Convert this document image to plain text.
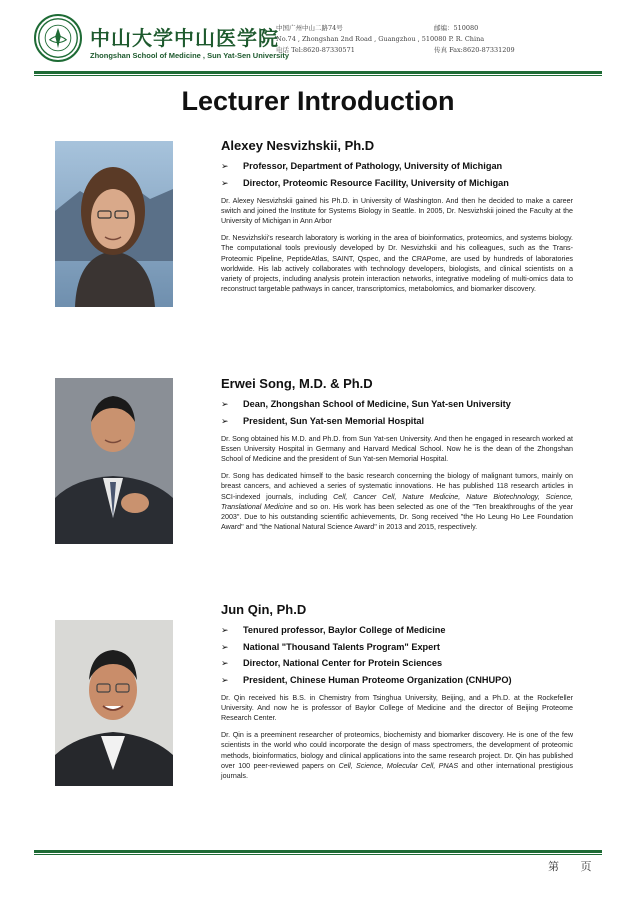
中山大学中山医学院
Zhongshan School of Medicine , Sun Yat-Sen University
中国广州中山二路74号
No.74 , Zhongshan 2nd Road , Guangzhou , 510080 P. R. China
电话 Tel:8620-87330571
邮编：510080
传真 Fax:8620-87331209
Lecturer Introduction
Alexey Nesvizhskii, Ph.D
➢	Professor, Department of Pathology, University of Michigan
➢	Director, Proteomic Resource Facility, University of Michigan

Dr. Alexey Nesvizhskii gained his Ph.D. in University of Washington. And then he decided to make a career switch and joined the Institute for Systems Biology in Seattle. In 2005, Dr. Nesvizhskii joined the Faculty at the University of Michigan in Ann Arbor

Dr. Nesvizhskii's research laboratory is working in the area of bioinformatics, proteomics, and systems biology. The computational tools previously developed by Dr. Nesvizhskii and his colleagues, such as the Trans-Proteomic Pipeline, PeptideAtlas, SAINT, Qspec, and the CRAPome, are used by hundreds of laboratories worldwide. His lab actively collaborates with technology developers, biologists, and clinical scientists on a variety of projects, including analysis protein interaction networks, integrative modeling of multi-omics data to reconstruct targetable pathways in cancer, transcriptomics, metabolomics, and biomarker discovery.

Erwei Song, M.D. & Ph.D
➢	Dean, Zhongshan School of Medicine, Sun Yat-sen University
➢	President, Sun Yat-sen Memorial Hospital

Dr. Song obtained his M.D. and Ph.D. from Sun Yat-sen University. And then he engaged in research worked at Essen University Hospital in Germany and Harvard Medical School. Now he is the dean of the Zhongshan School of Medicine and the president of Sun Yat-sen Memorial Hospital.

Dr. Song has dedicated himself to the basic research concerning the biology of malignant tumors, mainly on breast cancers, and achieved a series of systematic innovations. He has published 118 research articles in SCI-indexed journals, including Cell, Cancer Cell, Nature Medicine, Nature Biotechnology, Science, Translational Medicine and so on. His work has been selected as one of the "Ten breakthroughs of the year 2003". Due to his outstanding scientific achievements, Dr. Song received "the Ho Leung Ho Lee Foundation Award" and "the National Natural Science Award" in 2013 and 2015, respectively.

Jun Qin, Ph.D
➢	Tenured professor, Baylor College of Medicine
➢	National "Thousand Talents Program" Expert
➢	Director, National Center for Protein Sciences
➢	President, Chinese Human Proteome Organization (CNHUPO)

Dr. Qin received his B.S. in Chemistry from Tsinghua University, Beijing, and a Ph.D. at the Rockefeller University. And now he is professor of Baylor College of Medicine and the director of Beijing Proteome Research Center.

Dr. Qin is a preeminent researcher of proteomics, biochemisty and biomarker discovery. He is one of the few scientists in the world who could incorporate the design of mass spectromers, the development of proteomic methods, bioinformatics, biology and clinical applications into the same research project. Dr. Qin has published over 100 peer-reviewed papers on Cell, Science, Molecular Cell, PNAS and other international prestigious journals.

第 页
